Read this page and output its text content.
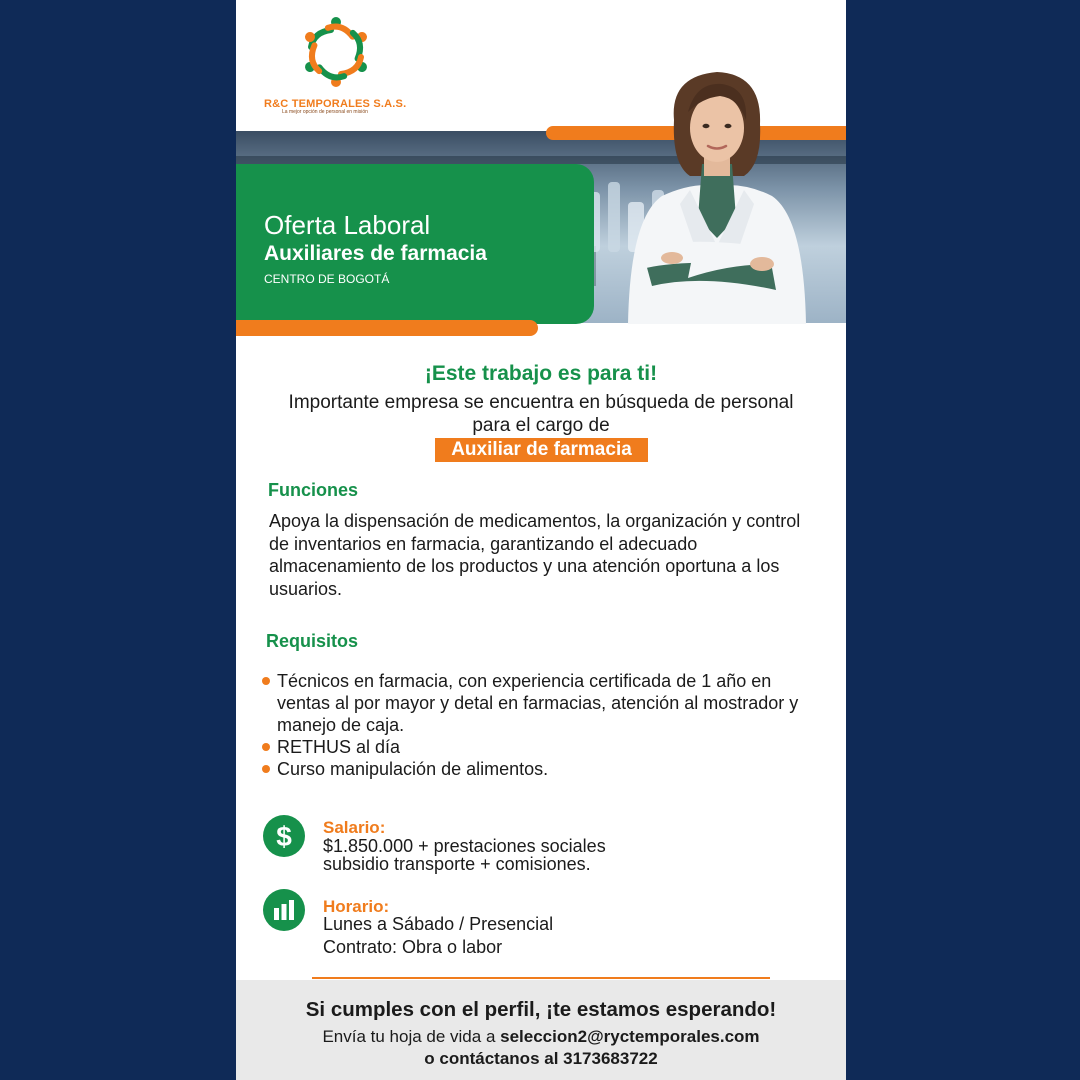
R&C TEMPORALES S.A.S.
La mejor opción de personal en misión
Oferta Laboral
Auxiliares de farmacia
CENTRO DE BOGOTÁ
¡Este trabajo es para ti!
Importante empresa se encuentra en búsqueda de personal para el cargo de
Auxiliar de farmacia
Funciones
Apoya la dispensación de medicamentos, la organización y control de inventarios en farmacia, garantizando el adecuado almacenamiento de los productos y una atención oportuna a los usuarios.
Requisitos
Técnicos en farmacia, con experiencia certificada de 1 año en ventas al por mayor y detal en farmacias, atención al mostrador y manejo de caja.
RETHUS al día
Curso manipulación de alimentos.
$ Salario:
$1.850.000 + prestaciones sociales
subsidio transporte + comisiones.
Horario:
Lunes a Sábado / Presencial
Contrato: Obra o labor
Si cumples con el perfil, ¡te estamos esperando!
Envía tu hoja de vida a seleccion2@ryctemporales.com
o contáctanos al 3173683722
